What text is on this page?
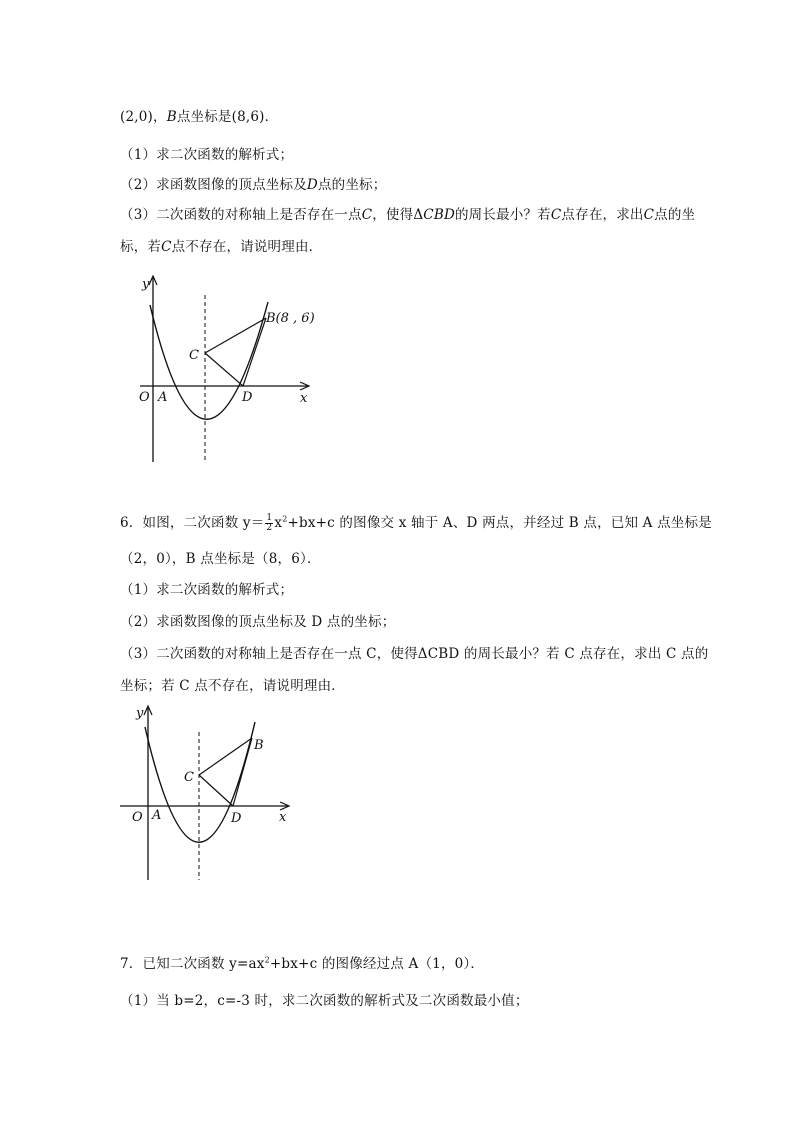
(2,0)，B点坐标是(8,6)．
（1）求二次函数的解析式；
（2）求函数图像的顶点坐标及D点的坐标；
（3）二次函数的对称轴上是否存在一点C，使得ΔCBD的周长最小？若C点存在，求出C点的坐
标，若C点不存在，请说明理由．
y
x
O A
C
D
B(8 , 6)
6．如图，二次函数 $y= \frac{1}{2} x^2+bx+c$ 的图像交 x 轴于 A、D 两点，并经过 B 点，已知 A 点坐标是
（2，0），B 点坐标是（8，6）．
（1）求二次函数的解析式；
（2）求函数图像的顶点坐标及 D 点的坐标；
（3）二次函数的对称轴上是否存在一点 C，使得ΔCBD 的周长最小？若 C 点存在，求出 C 点的
坐标；若 C 点不存在，请说明理由．
y
x
O A
C
D
B
7．已知二次函数 $y=ax^2+bx+c$ 的图像经过点 A（1，0）．
（1）当 b=2，c=-3 时，求二次函数的解析式及二次函数最小值；
